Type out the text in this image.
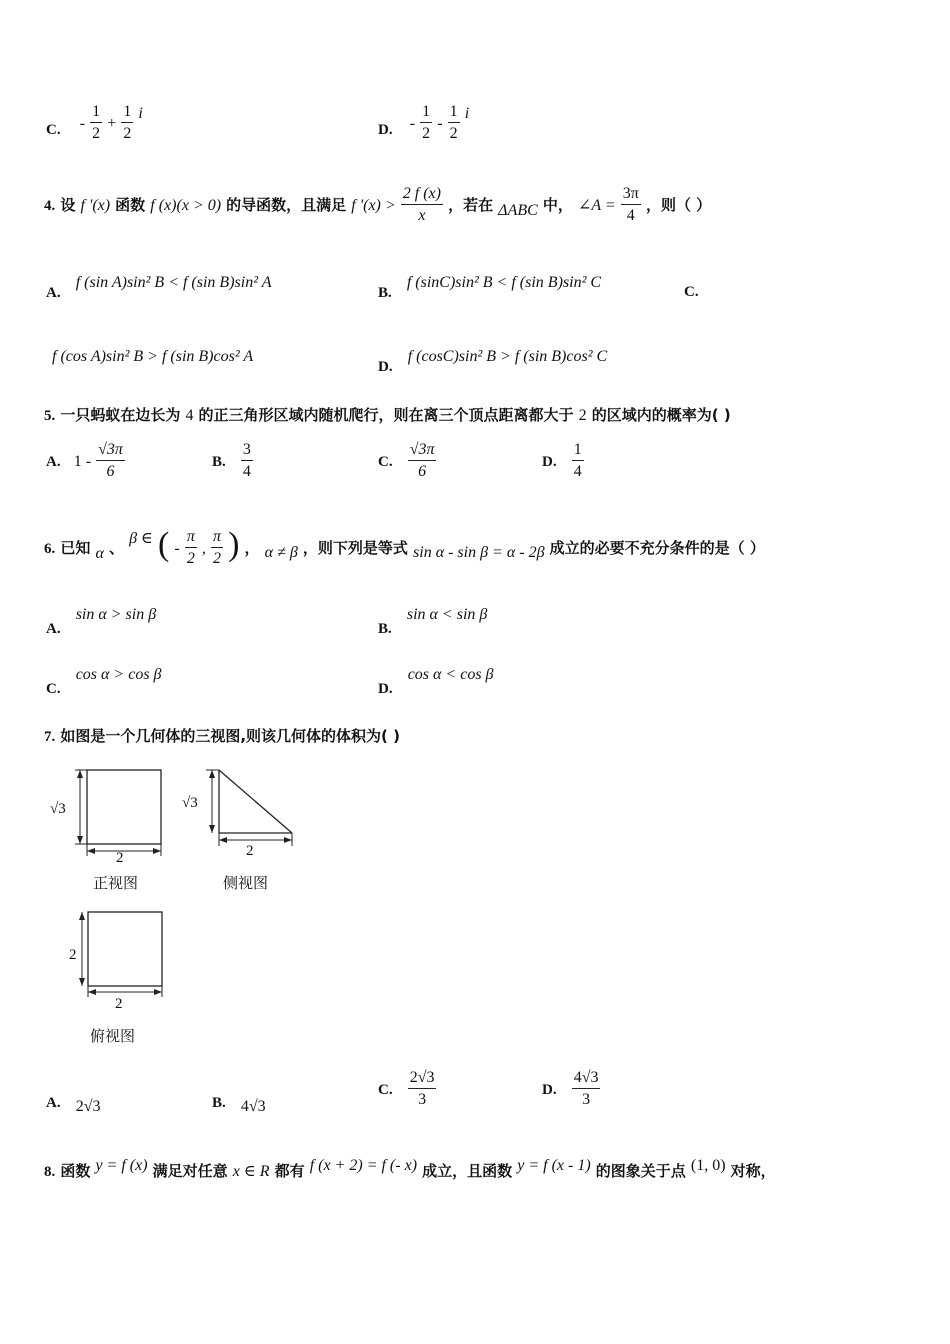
C. - $\frac{1}{2} + \frac{1}{2}$ i
D. - $\frac{1}{2} - \frac{1}{2}$ i
4. 设 f '(x) 函数 f (x)(x > 0) 的导函数，且满足 f '$(x) > \frac{2 f (x)}{x}$ ，若在 ΔABC 中， ∠A = $\frac{3\pi}{4}$ ，则（ ）
A. f (sin A)sin² B < f (sin B)sin² A
B. f (sinC)sin² B < f (sin B)sin² C
C.
f (cos A)sin² B > f (sin B)cos² A
D. f (cosC)sin² B > f (sin B)cos² C
5. 一只蚂蚁在边长为 4 的正三角形区域内随机爬行，则在离三个顶点距离都大于 2 的区域内的概率为( )
A. $1 - \frac{√3\pi}{6}$	B. $\frac{3}{4}$	C. $\frac{√3\pi}{6}$	D. $\frac{1}{4}$
6. 已知 α 、 β ∈ ( - $\frac{\pi}{2}$ , $\frac{\pi}{2}$ ) ， α ≠ β ，则下列是等式 sin α - sin β = α - 2β 成立的必要不充分条件的是（ ）
A. sin α > sin β
B. sin α < sin β
C. cos α > cos β
D. cos α < cos β
7. 如图是一个几何体的三视图,则该几何体的体积为( )
√3
2
正视图
√3
2
侧视图
2
2
俯视图
A. 2√3	B. 4√3
C. $\frac{2√3}{3}$	D. $\frac{4√3}{3}$
8. 函数 y = f (x) 满足对任意 x ∈ R 都有 f (x + 2) = f (- x) 成立，且函数 y = f (x - 1) 的图象关于点 (1, 0) 对称，
